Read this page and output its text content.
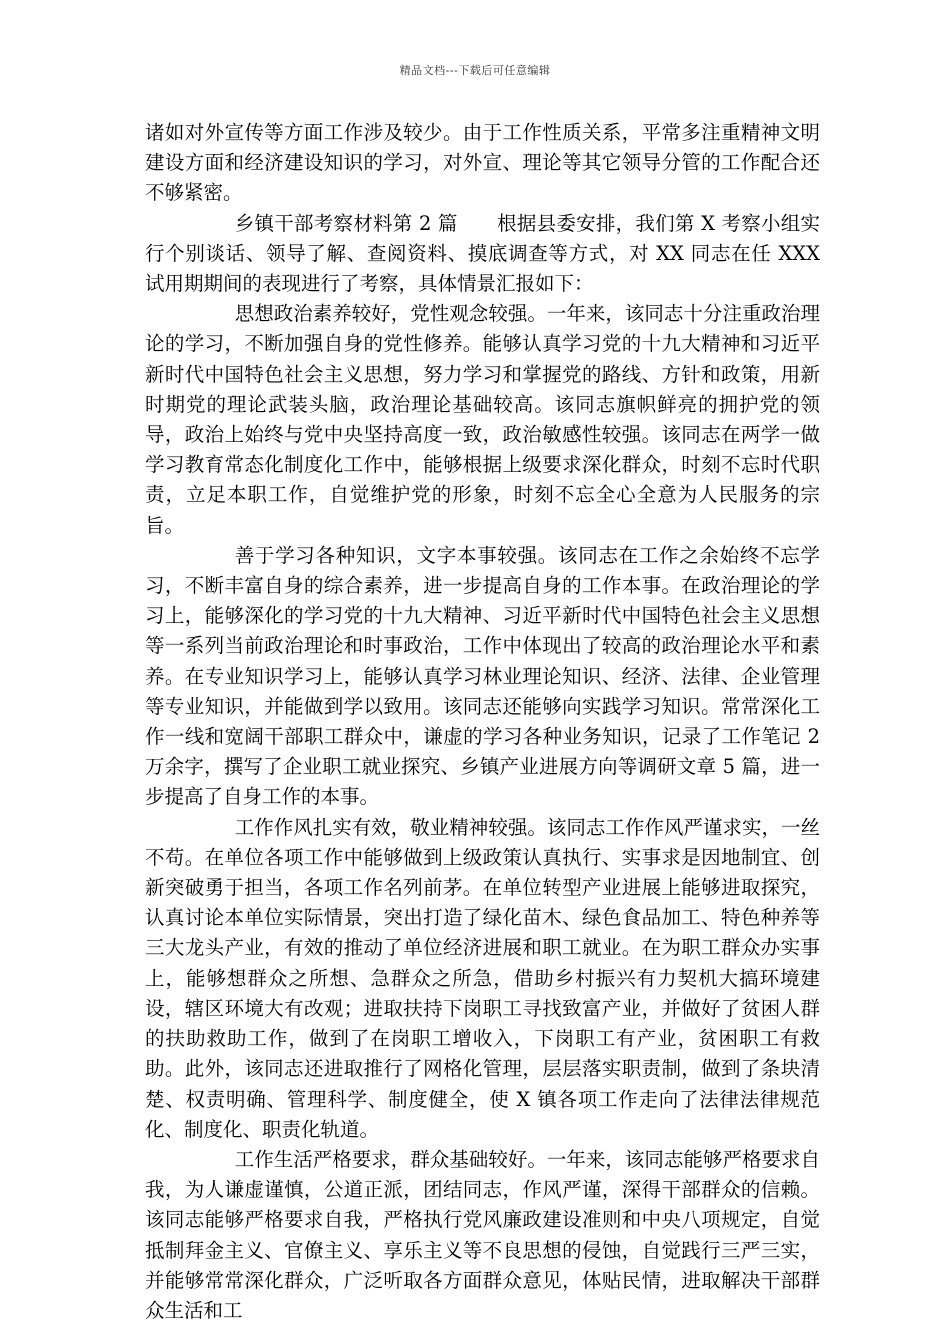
精品文档---下载后可任意编辑

诸如对外宣传等方面工作涉及较少。由于工作性质关系，平常多注重精神文明建设方面和经济建设知识的学习，对外宣、理论等其它领导分管的工作配合还不够紧密。

乡镇干部考察材料第 2 篇　　根据县委安排，我们第 X 考察小组实行个别谈话、领导了解、查阅资料、摸底调查等方式，对 XX 同志在任 XXX 试用期期间的表现进行了考察，具体情景汇报如下：

思想政治素养较好，党性观念较强。一年来，该同志十分注重政治理论的学习，不断加强自身的党性修养。能够认真学习党的十九大精神和习近平新时代中国特色社会主义思想，努力学习和掌握党的路线、方针和政策，用新时期党的理论武装头脑，政治理论基础较高。该同志旗帜鲜亮的拥护党的领导，政治上始终与党中央坚持高度一致，政治敏感性较强。该同志在两学一做学习教育常态化制度化工作中，能够根据上级要求深化群众，时刻不忘时代职责，立足本职工作，自觉维护党的形象，时刻不忘全心全意为人民服务的宗旨。

善于学习各种知识，文字本事较强。该同志在工作之余始终不忘学习，不断丰富自身的综合素养，进一步提高自身的工作本事。在政治理论的学习上，能够深化的学习党的十九大精神、习近平新时代中国特色社会主义思想等一系列当前政治理论和时事政治，工作中体现出了较高的政治理论水平和素养。在专业知识学习上，能够认真学习林业理论知识、经济、法律、企业管理等专业知识，并能做到学以致用。该同志还能够向实践学习知识。常常深化工作一线和宽阔干部职工群众中，谦虚的学习各种业务知识，记录了工作笔记 2 万余字，撰写了企业职工就业探究、乡镇产业进展方向等调研文章 5 篇，进一步提高了自身工作的本事。

工作作风扎实有效，敬业精神较强。该同志工作作风严谨求实，一丝不苟。在单位各项工作中能够做到上级政策认真执行、实事求是因地制宜、创新突破勇于担当，各项工作名列前茅。在单位转型产业进展上能够进取探究，认真讨论本单位实际情景，突出打造了绿化苗木、绿色食品加工、特色种养等三大龙头产业，有效的推动了单位经济进展和职工就业。在为职工群众办实事上，能够想群众之所想、急群众之所急，借助乡村振兴有力契机大搞环境建设，辖区环境大有改观；进取扶持下岗职工寻找致富产业，并做好了贫困人群的扶助救助工作，做到了在岗职工增收入，下岗职工有产业，贫困职工有救助。此外，该同志还进取推行了网格化管理，层层落实职责制，做到了条块清楚、权责明确、管理科学、制度健全，使 X 镇各项工作走向了法律法律规范化、制度化、职责化轨道。

工作生活严格要求，群众基础较好。一年来，该同志能够严格要求自我，为人谦虚谨慎，公道正派，团结同志，作风严谨，深得干部群众的信赖。该同志能够严格要求自我，严格执行党风廉政建设准则和中央八项规定，自觉抵制拜金主义、官僚主义、享乐主义等不良思想的侵蚀，自觉践行三严三实，并能够常常深化群众，广泛听取各方面群众意见，体贴民情，进取解决干部群众生活和工
